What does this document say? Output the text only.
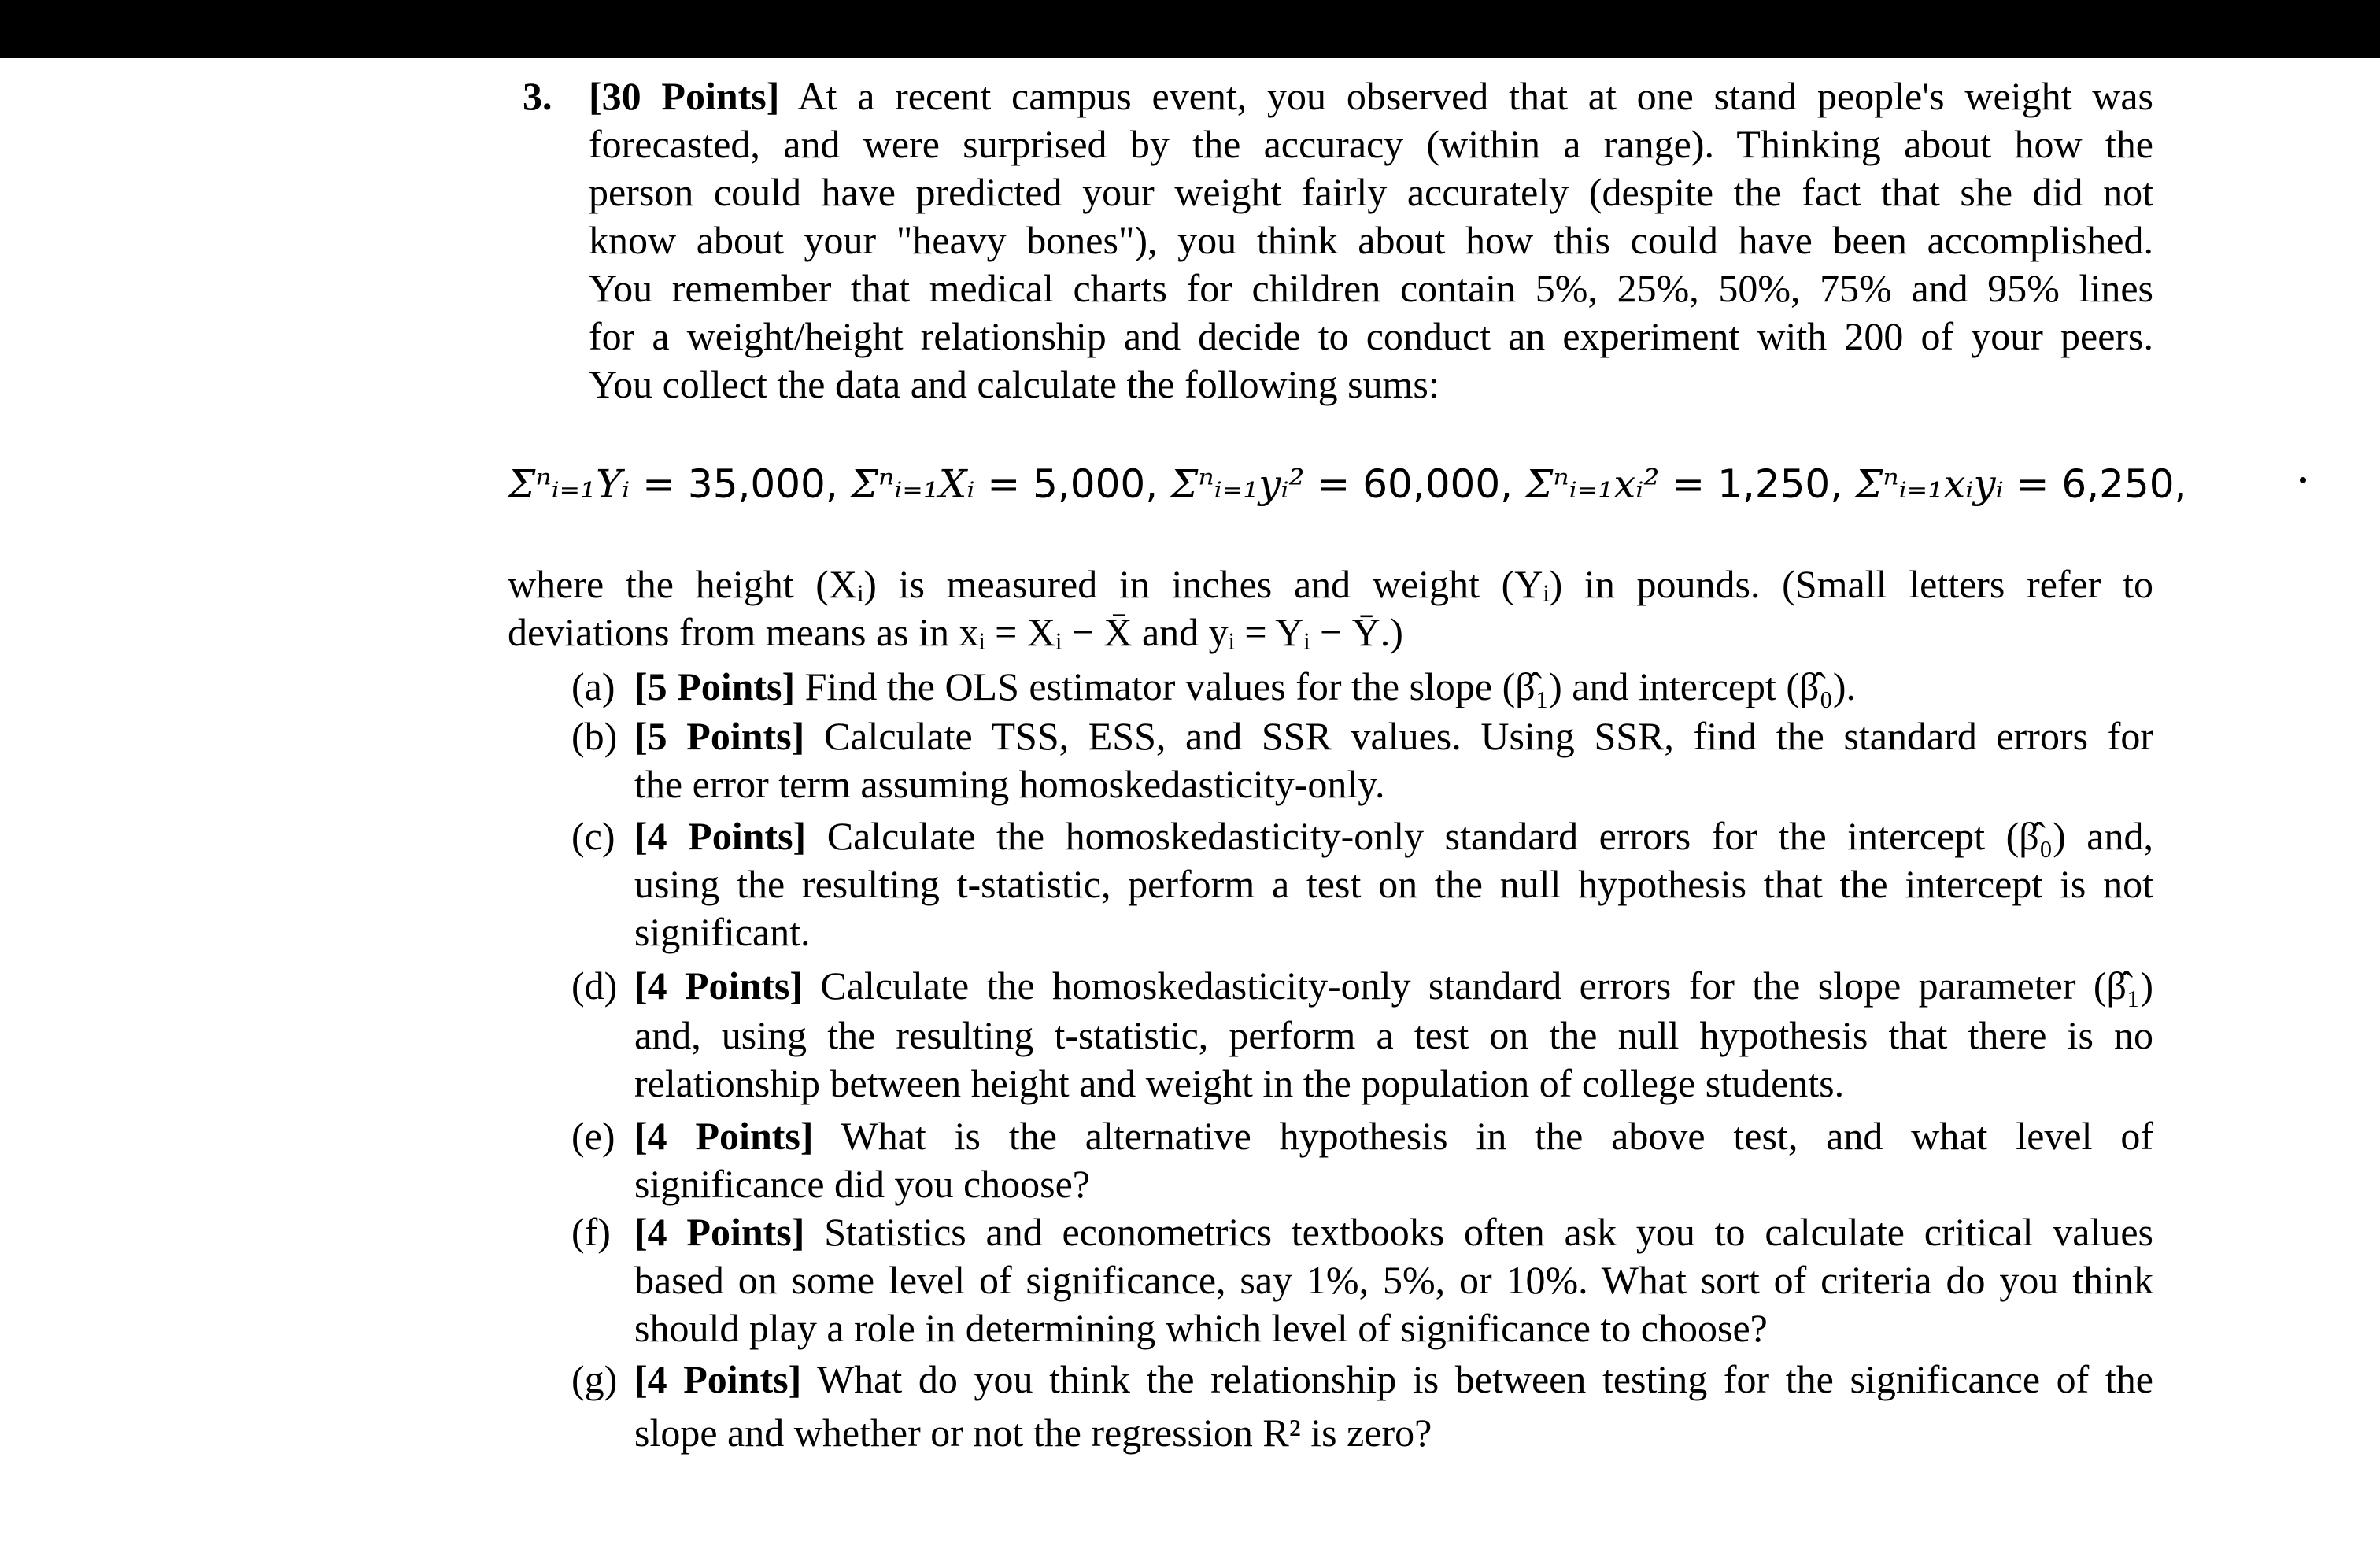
3. [30 Points] At a recent campus event, you observed that at one stand people's weight was
forecasted, and were surprised by the accuracy (within a range). Thinking about how the
person could have predicted your weight fairly accurately (despite the fact that she did not
know about your "heavy bones"), you think about how this could have been accomplished.
You remember that medical charts for children contain 5%, 25%, 50%, 75% and 95% lines
for a weight/height relationship and decide to conduct an experiment with 200 of your peers.
You collect the data and calculate the following sums:
Σⁿᵢ₌₁Yᵢ = 35,000, Σⁿᵢ₌₁Xᵢ = 5,000, Σⁿᵢ₌₁yᵢ² = 60,000, Σⁿᵢ₌₁xᵢ² = 1,250, Σⁿᵢ₌₁xᵢyᵢ = 6,250,
where the height (Xᵢ) is measured in inches and weight (Yᵢ) in pounds. (Small letters refer to
deviations from means as in xᵢ = Xᵢ − X̄ and yᵢ = Yᵢ − Ȳ.)
(a) [5 Points] Find the OLS estimator values for the slope (β̂₁) and intercept (β̂₀).
(b) [5 Points] Calculate TSS, ESS, and SSR values. Using SSR, find the standard errors for
the error term assuming homoskedasticity-only.
(c) [4 Points] Calculate the homoskedasticity-only standard errors for the intercept (β̂₀) and,
using the resulting t-statistic, perform a test on the null hypothesis that the intercept is not
significant.
(d) [4 Points] Calculate the homoskedasticity-only standard errors for the slope parameter (β̂₁)
and, using the resulting t-statistic, perform a test on the null hypothesis that there is no
relationship between height and weight in the population of college students.
(e) [4 Points] What is the alternative hypothesis in the above test, and what level of
significance did you choose?
(f) [4 Points] Statistics and econometrics textbooks often ask you to calculate critical values
based on some level of significance, say 1%, 5%, or 10%. What sort of criteria do you think
should play a role in determining which level of significance to choose?
(g) [4 Points] What do you think the relationship is between testing for the significance of the
slope and whether or not the regression R² is zero?
